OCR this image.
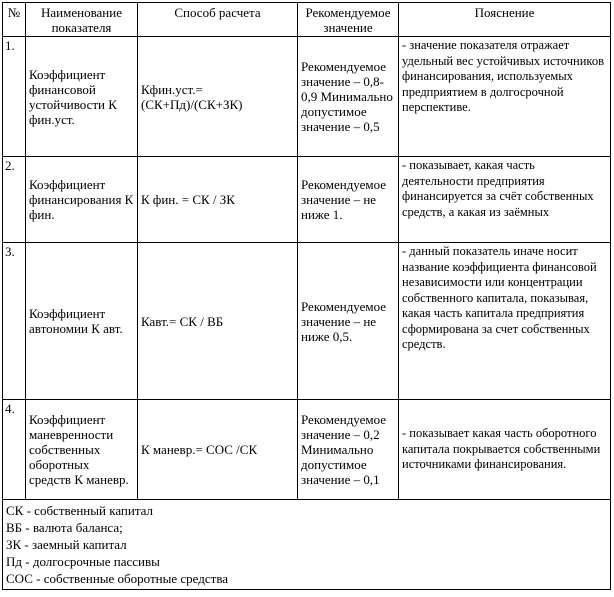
№	Наименование показателя	Способ расчета	Рекомендуемое значение	Пояснение
1.	Коэффициент финансовой устойчивости К фин.уст.	Кфин.уст.=(СК+Пд)/(СК+ЗК)	Рекомендуемое значение – 0,8-0,9 Минимально допустимое значение – 0,5	- значение показателя отражает удельный вес устойчивых источников финансирования, используемых предприятием в долгосрочной перспективе.
2.	Коэффициент финансирования К фин.	К фин. = СК / ЗК	Рекомендуемое значение – не ниже 1.	- показывает, какая часть деятельности предприятия финансируется за счёт собственных средств, а какая из заёмных
3.	Коэффициент автономии К авт.	Кавт.= СК / ВБ	Рекомендуемое значение – не ниже 0,5.	- данный показатель иначе носит название коэффициента финансовой независимости или концентрации собственного капитала, показывая, какая часть капитала предприятия сформирована за счет собственных средств.
4.	Коэффициент маневренности собственных оборотных средств К маневр.	К маневр.= СОС /СК	Рекомендуемое значение – 0,2 Минимально допустимое значение – 0,1	- показывает какая часть оборотного капитала покрывается собственными источниками финансирования.

СК - собственный капитал
ВБ - валюта баланса;
ЗК - заемный капитал
Пд - долгосрочные пассивы
СОС - собственные оборотные средства				
